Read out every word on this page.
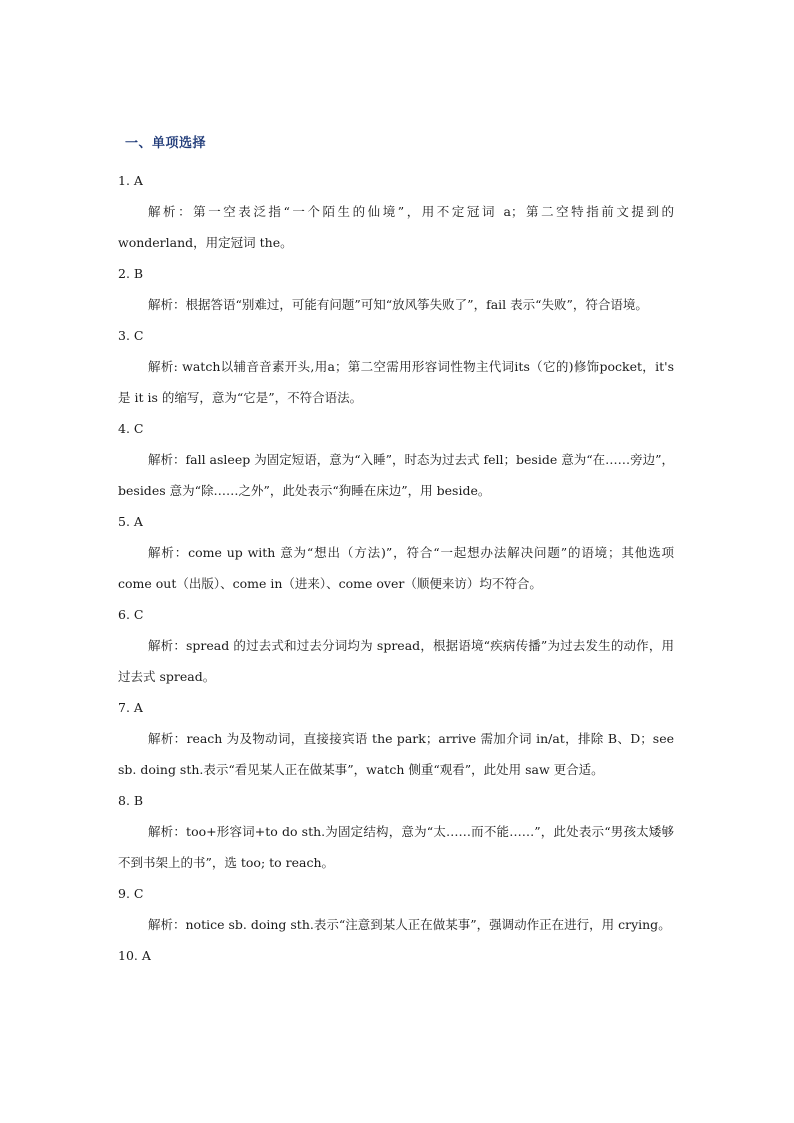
一、单项选择
1. A

解析：第一空表泛指“一个陌生的仙境”，用不定冠词 a；第二空特指前文提到的 wonderland，用定冠词 the。

2. B

解析：根据答语“别难过，可能有问题”可知“放风筝失败了”，fail 表示“失败”，符合语境。

3. C

解析: watch以辅音音素开头,用a；第二空需用形容词性物主代词its（它的)修饰pocket，it's 是 it is 的缩写，意为“它是”，不符合语法。

4. C

解析：fall asleep 为固定短语，意为“入睡”，时态为过去式 fell；beside 意为“在……旁边”，besides 意为“除……之外”，此处表示“狗睡在床边”，用 beside。

5. A

解析：come up with 意为“想出（方法)”，符合“一起想办法解决问题”的语境；其他选项 come out（出版）、come in（进来）、come over（顺便来访）均不符合。

6. C

解析：spread 的过去式和过去分词均为 spread，根据语境“疾病传播”为过去发生的动作，用过去式 spread。

7. A

解析：reach 为及物动词，直接接宾语 the park；arrive 需加介词 in/at，排除 B、D；see sb. doing sth.表示“看见某人正在做某事”，watch 侧重“观看”，此处用 saw 更合适。

8. B

解析：too+形容词+to do sth.为固定结构，意为“太……而不能……”，此处表示“男孩太矮够不到书架上的书”，选 too; to reach。

9. C

解析：notice sb. doing sth.表示“注意到某人正在做某事”，强调动作正在进行，用 crying。

10. A
